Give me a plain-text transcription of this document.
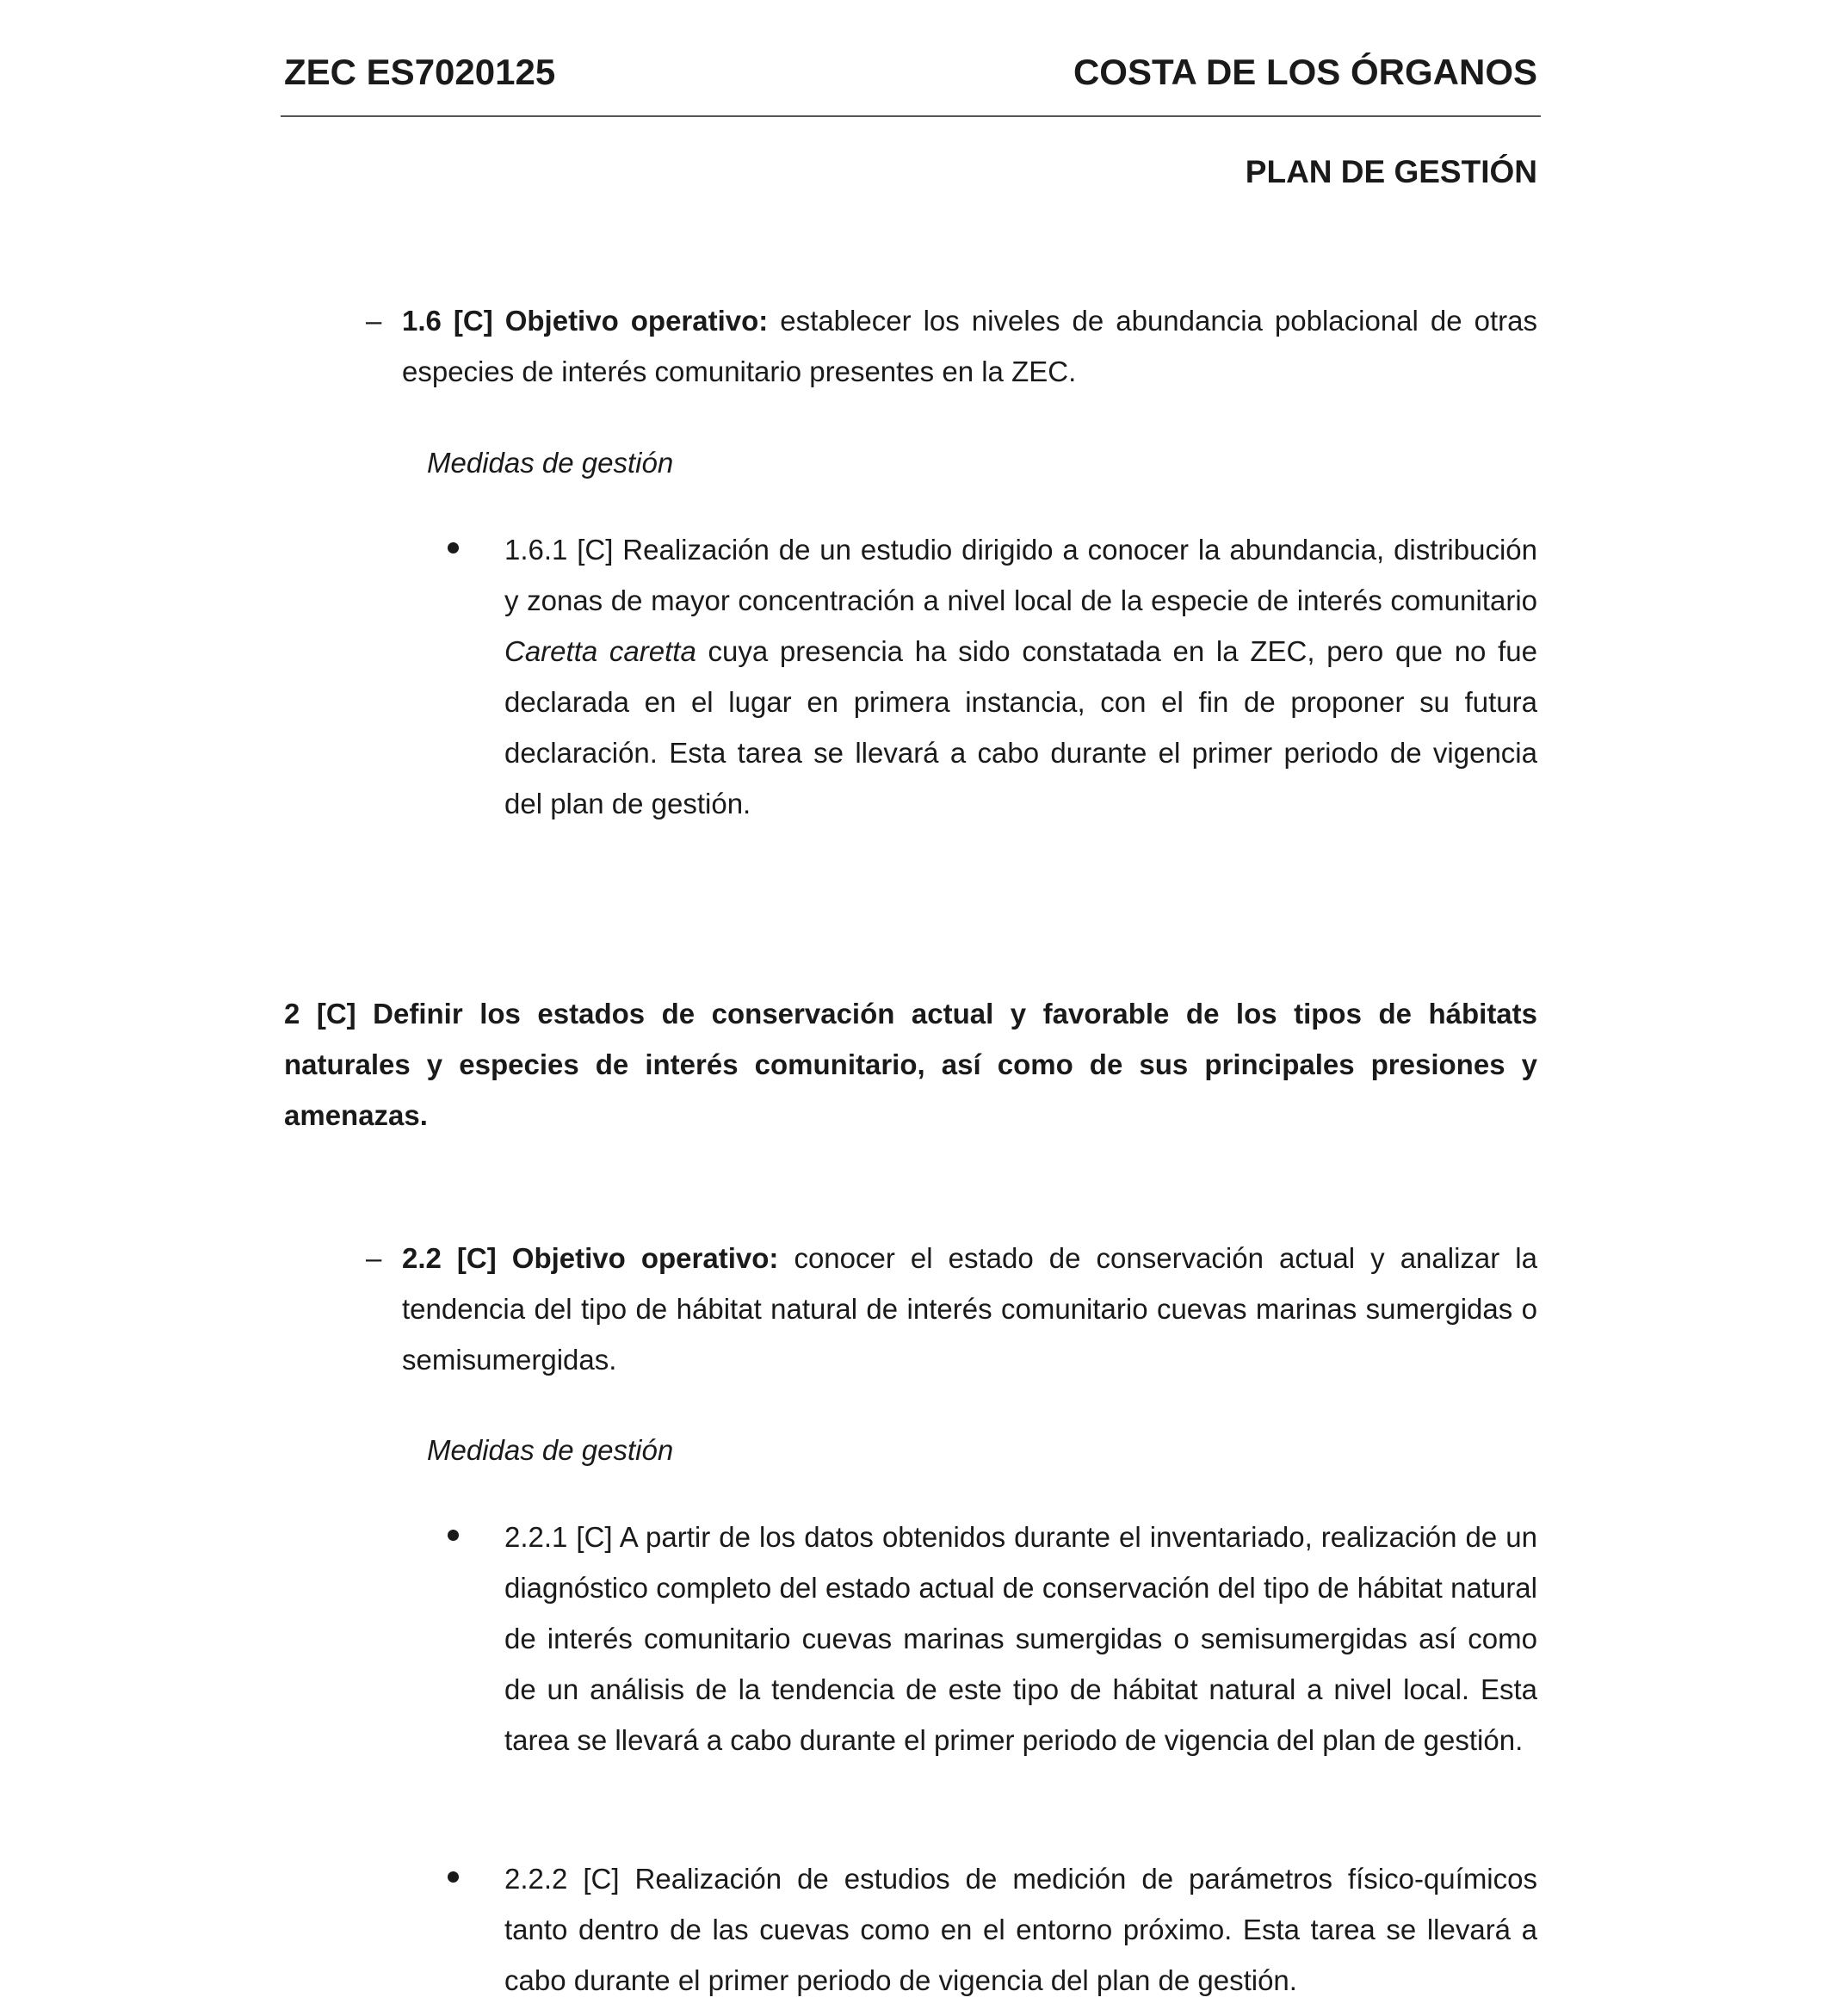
ZEC ES7020125	COSTA DE LOS ÓRGANOS
PLAN DE GESTIÓN
– 1.6 [C] Objetivo operativo: establecer los niveles de abundancia poblacional de otras especies de interés comunitario presentes en la ZEC.
Medidas de gestión
1.6.1 [C] Realización de un estudio dirigido a conocer la abundancia, distribución y zonas de mayor concentración a nivel local de la especie de interés comunitario Caretta caretta cuya presencia ha sido constatada en la ZEC, pero que no fue declarada en el lugar en primera instancia, con el fin de proponer su futura declaración. Esta tarea se llevará a cabo durante el primer periodo de vigencia del plan de gestión.
2 [C] Definir los estados de conservación actual y favorable de los tipos de hábitats naturales y especies de interés comunitario, así como de sus principales presiones y amenazas.
– 2.2 [C] Objetivo operativo: conocer el estado de conservación actual y analizar la tendencia del tipo de hábitat natural de interés comunitario cuevas marinas sumergidas o semisumergidas.
Medidas de gestión
2.2.1 [C] A partir de los datos obtenidos durante el inventariado, realización de un diagnóstico completo del estado actual de conservación del tipo de hábitat natural de interés comunitario cuevas marinas sumergidas o semisumergidas así como de un análisis de la tendencia de este tipo de hábitat natural a nivel local. Esta tarea se llevará a cabo durante el primer periodo de vigencia del plan de gestión.
2.2.2 [C] Realización de estudios de medición de parámetros físico-químicos tanto dentro de las cuevas como en el entorno próximo. Esta tarea se llevará a cabo durante el primer periodo de vigencia del plan de gestión.
